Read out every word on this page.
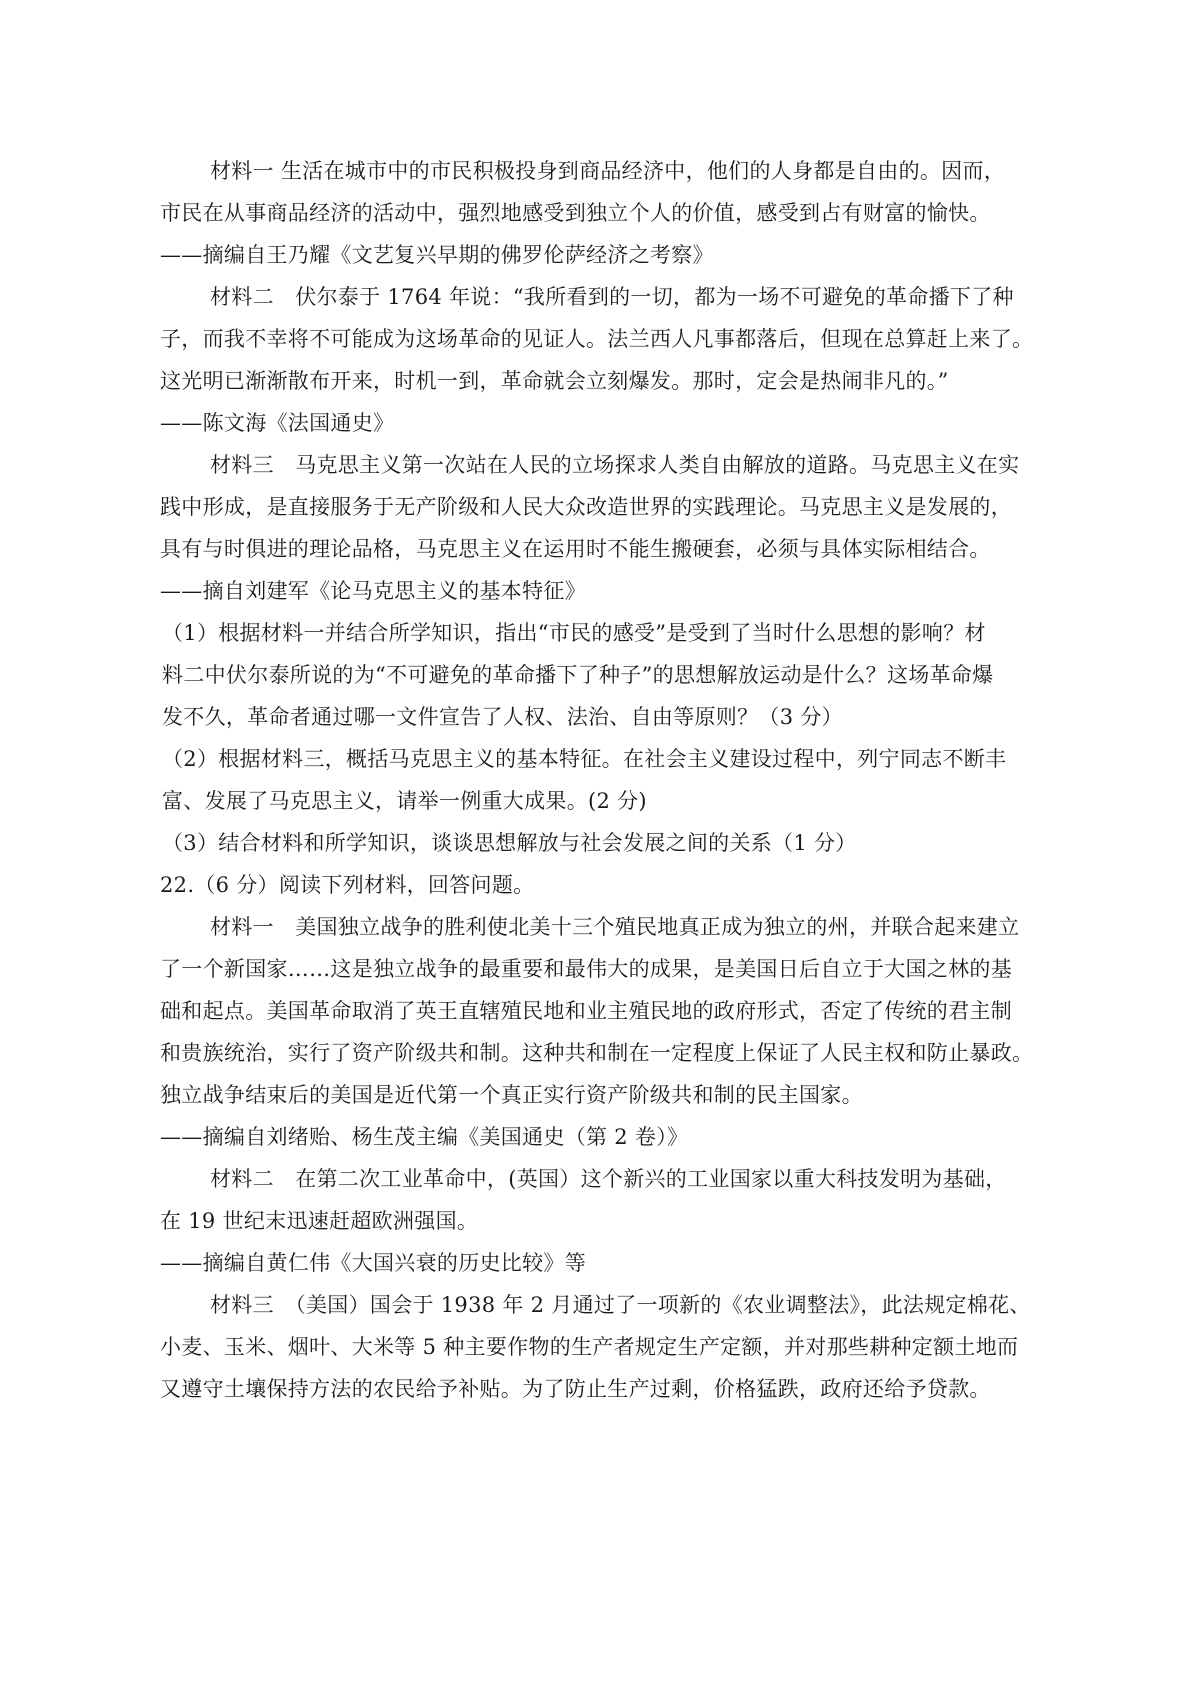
材料一 生活在城市中的市民积极投身到商品经济中，他们的人身都是自由的。因而，
市民在从事商品经济的活动中，强烈地感受到独立个人的价值，感受到占有财富的愉快。
——摘编自王乃耀《文艺复兴早期的佛罗伦萨经济之考察》
材料二　伏尔泰于 1764 年说：“我所看到的一切，都为一场不可避免的革命播下了种
子，而我不幸将不可能成为这场革命的见证人。法兰西人凡事都落后，但现在总算赶上来了。
这光明已渐渐散布开来，时机一到，革命就会立刻爆发。那时，定会是热闹非凡的。”
——陈文海《法国通史》
材料三　马克思主义第一次站在人民的立场探求人类自由解放的道路。马克思主义在实
践中形成，是直接服务于无产阶级和人民大众改造世界的实践理论。马克思主义是发展的，
具有与时俱进的理论品格，马克思主义在运用时不能生搬硬套，必须与具体实际相结合。
——摘自刘建军《论马克思主义的基本特征》
（1）根据材料一并结合所学知识，指出“市民的感受”是受到了当时什么思想的影响？材
料二中伏尔泰所说的为“不可避免的革命播下了种子”的思想解放运动是什么？这场革命爆
发不久，革命者通过哪一文件宣告了人权、法治、自由等原则？（3 分）
（2）根据材料三，概括马克思主义的基本特征。在社会主义建设过程中，列宁同志不断丰
富、发展了马克思主义，请举一例重大成果。(2 分)
（3）结合材料和所学知识，谈谈思想解放与社会发展之间的关系（1 分）
22.（6 分）阅读下列材料，回答问题。
材料一　美国独立战争的胜利使北美十三个殖民地真正成为独立的州，并联合起来建立
了一个新国家……这是独立战争的最重要和最伟大的成果，是美国日后自立于大国之林的基
础和起点。美国革命取消了英王直辖殖民地和业主殖民地的政府形式，否定了传统的君主制
和贵族统治，实行了资产阶级共和制。这种共和制在一定程度上保证了人民主权和防止暴政。
独立战争结束后的美国是近代第一个真正实行资产阶级共和制的民主国家。
——摘编自刘绪贻、杨生茂主编《美国通史（第 2 卷）》
材料二　在第二次工业革命中，(英国）这个新兴的工业国家以重大科技发明为基础，
在 19 世纪末迅速赶超欧洲强国。
——摘编自黄仁伟《大国兴衰的历史比较》等
材料三　（美国）国会于 1938 年 2 月通过了一项新的《农业调整法》，此法规定棉花、
小麦、玉米、烟叶、大米等 5 种主要作物的生产者规定生产定额，并对那些耕种定额土地而
又遵守土壤保持方法的农民给予补贴。为了防止生产过剩，价格猛跌，政府还给予贷款。
